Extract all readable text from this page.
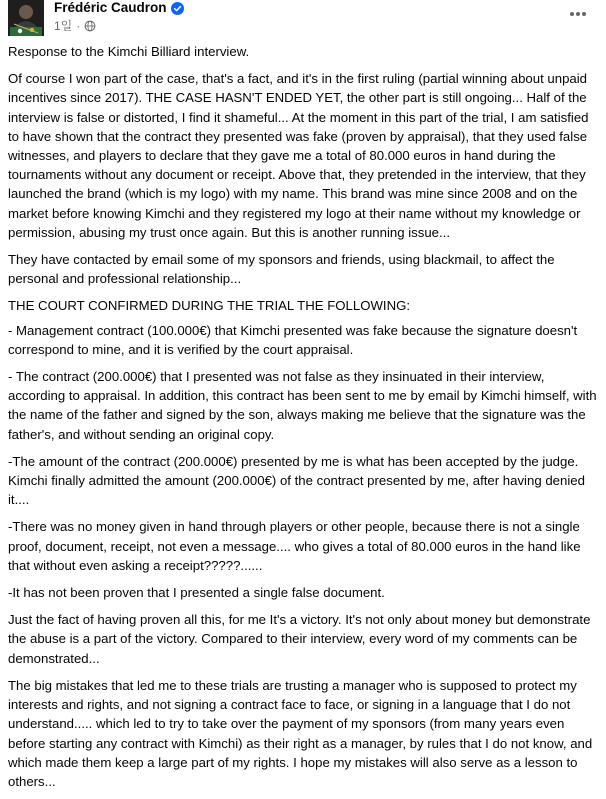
Frédéric Caudron
1일 ·

Response to the Kimchi Billiard interview.

Of course I won part of the case, that's a fact, and it's in the first ruling (partial winning about unpaid incentives since 2017). THE CASE HASN'T ENDED YET, the other part is still ongoing... Half of the interview is false or distorted, I find it shameful... At the moment in this part of the trial, I am satisfied to have shown that the contract they presented was fake (proven by appraisal), that they used false witnesses, and players to declare that they gave me a total of 80.000 euros in hand during the tournaments without any document or receipt. Above that, they pretended in the interview, that they launched the brand (which is my logo) with my name. This brand was mine since 2008 and on the market before knowing Kimchi and they registered my logo at their name without my knowledge or permission, abusing my trust once again. But this is another running issue...

They have contacted by email some of my sponsors and friends, using blackmail, to affect the personal and professional relationship...

THE COURT CONFIRMED DURING THE TRIAL THE FOLLOWING:

- Management contract (100.000€) that Kimchi presented was fake because the signature doesn't correspond to mine, and it is verified by the court appraisal.

- The contract (200.000€) that I presented was not false as they insinuated in their interview, according to appraisal. In addition, this contract has been sent to me by email by Kimchi himself, with the name of the father and signed by the son, always making me believe that the signature was the father's, and without sending an original copy.

-The amount of the contract (200.000€) presented by me is what has been accepted by the judge. Kimchi finally admitted the amount (200.000€) of the contract presented by me, after having denied it....

-There was no money given in hand through players or other people, because there is not a single proof, document, receipt, not even a message.... who gives a total of 80.000 euros in the hand like that without even asking a receipt?????......

-It has not been proven that I presented a single false document.

Just the fact of having proven all this, for me It's a victory. It's not only about money but demonstrate the abuse is a part of the victory. Compared to their interview, every word of my comments can be demonstrated...

The big mistakes that led me to these trials are trusting a manager who is supposed to protect my interests and rights, and not signing a contract face to face, or signing in a language that I do not understand..... which led to try to take over the payment of my sponsors (from many years even before starting any contract with Kimchi) as their right as a manager, by rules that I do not know, and which made them keep a large part of my rights. I hope my mistakes will also serve as a lesson to others...
